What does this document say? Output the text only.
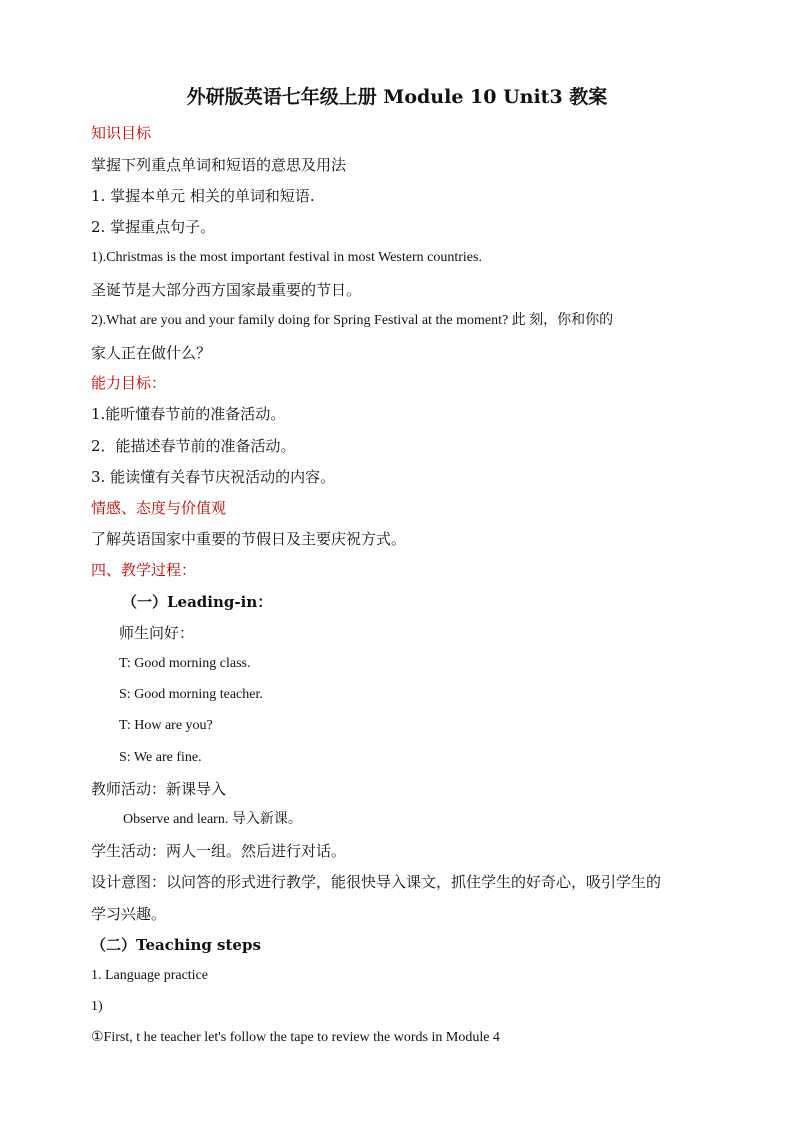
外研版英语七年级上册 Module 10 Unit3 教案
知识目标
掌握下列重点单词和短语的意思及用法
1. 掌握本单元 相关的单词和短语.
2. 掌握重点句子。
1).Christmas is the most important festival in most Western countries.
圣诞节是大部分西方国家最重要的节日。
2).What are you and your family doing for Spring Festival at the moment? 此 刻，你和你的
家人正在做什么？
能力目标：
1.能听懂春节前的准备活动。
2．能描述春节前的准备活动。
3. 能读懂有关春节庆祝活动的内容。
情感、态度与价值观
了解英语国家中重要的节假日及主要庆祝方式。
四、教学过程：
（一）Leading-in：
师生问好：
T: Good morning class.
S: Good morning teacher.
T: How are you?
S: We are fine.
教师活动：新课导入
Observe and learn. 导入新课。
学生活动：两人一组。然后进行对话。
设计意图：以问答的形式进行教学，能很快导入课文，抓住学生的好奇心，吸引学生的
学习兴趣。
（二）Teaching steps
1. Language practice
1)
①First, t he teacher let's follow the tape to review the words in Module 4
